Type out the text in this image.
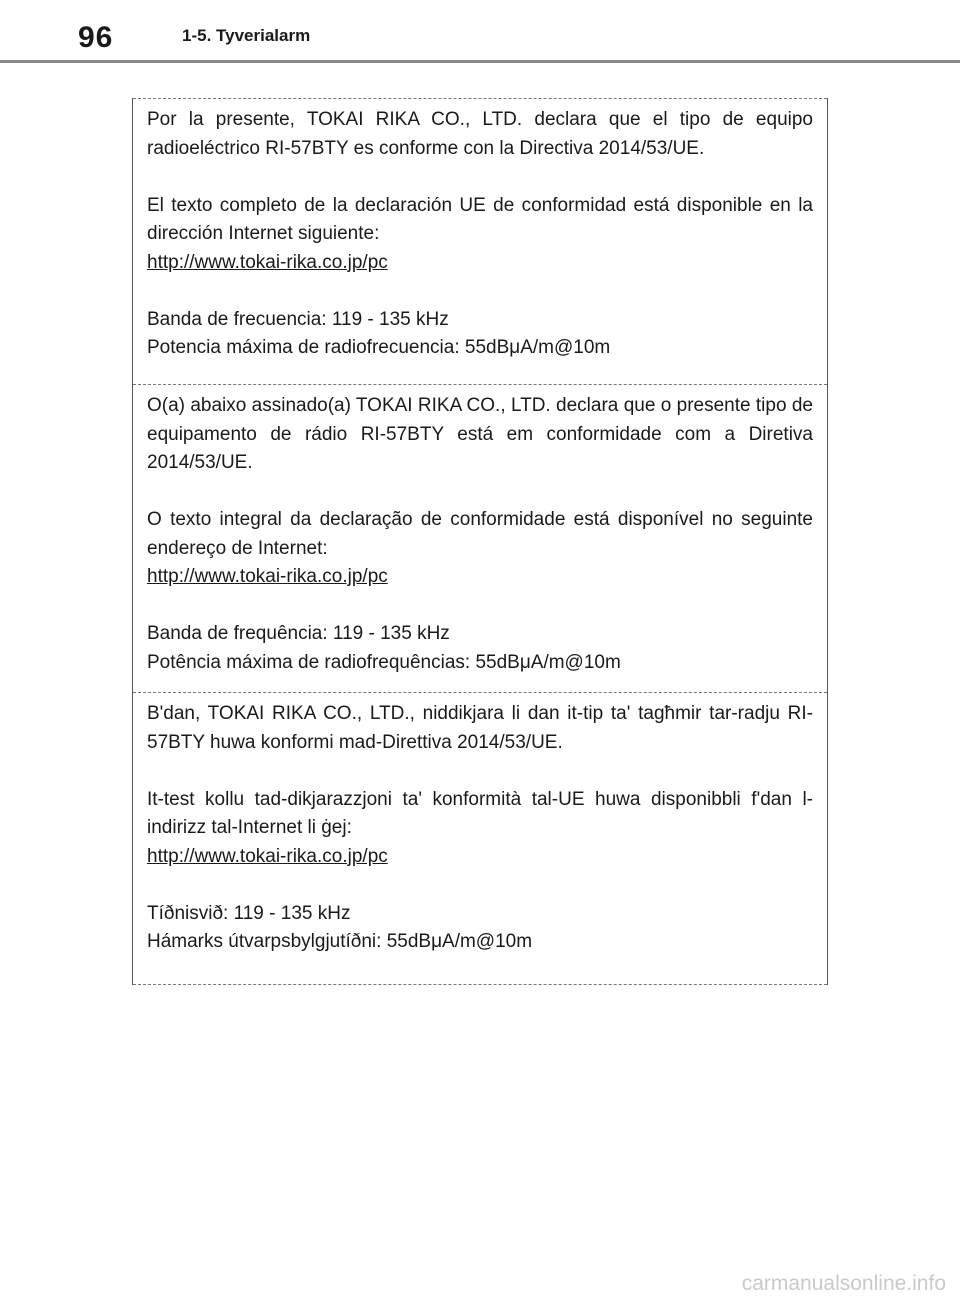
96	1-5. Tyverialarm

Por la presente, TOKAI RIKA CO., LTD. declara que el tipo de equipo radioeléctrico RI-57BTY es conforme con la Directiva 2014/53/UE.

El texto completo de la declaración UE de conformidad está disponible en la dirección Internet siguiente:

http://www.tokai-rika.co.jp/pc

Banda de frecuencia: 119 - 135 kHz

Potencia máxima de radiofrecuencia: 55dBμA/m@10m

O(a) abaixo assinado(a) TOKAI RIKA CO., LTD. declara que o presente tipo de equipamento de rádio RI-57BTY está em conformidade com a Diretiva 2014/53/UE.

O texto integral da declaração de conformidade está disponível no seguinte endereço de Internet:

http://www.tokai-rika.co.jp/pc

Banda de frequência: 119 - 135 kHz

Potência máxima de radiofrequências: 55dBμA/m@10m

B'dan, TOKAI RIKA CO., LTD., niddikjara li dan it-tip ta' tagħmir tar-radju RI-57BTY huwa konformi mad-Direttiva 2014/53/UE.

It-test kollu tad-dikjarazzjoni ta' konformità tal-UE huwa disponibbli f'dan l-indirizz tal-Internet li ġej:

http://www.tokai-rika.co.jp/pc

Tíðnisvið: 119 - 135 kHz

Hámarks útvarpsbylgjutíðni: 55dBμA/m@10m

carmanualsonline.info
